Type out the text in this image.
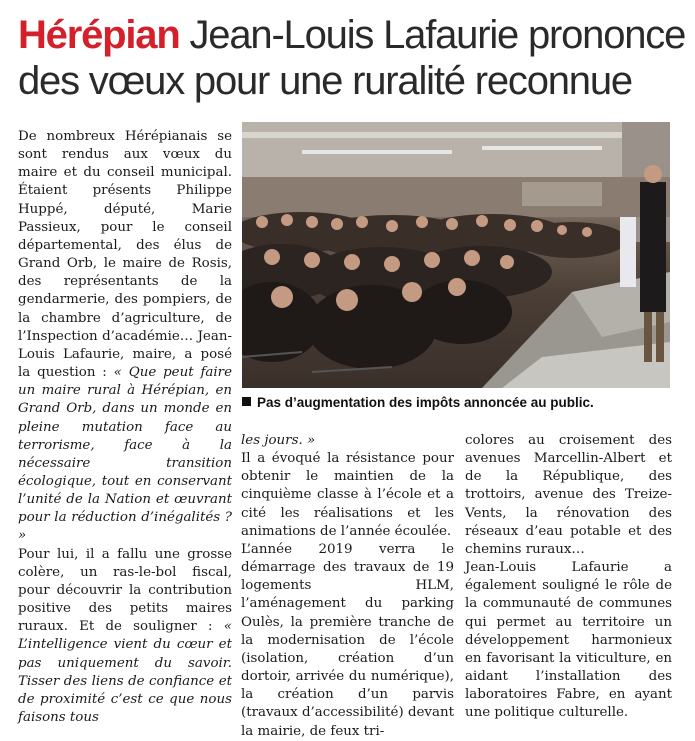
Hérépian Jean-Louis Lafaurie prononce des vœux pour une ruralité reconnue

De nombreux Hérépianais se sont rendus aux vœux du maire et du conseil municipal. Étaient présents Philippe Huppé, député, Marie Passieux, pour le conseil départemental, des élus de Grand Orb, le maire de Rosis, des représentants de la gendarmerie, des pompiers, de la chambre d’agriculture, de l’Inspection d’académie… Jean-Louis Lafaurie, maire, a posé la question : « Que peut faire un maire rural à Hérépian, en Grand Orb, dans un monde en pleine mutation face au terrorisme, face à la nécessaire transition écologique, tout en conservant l’unité de la Nation et œuvrant pour la réduction d’inégalités ? »

Pour lui, il a fallu une grosse colère, un ras-le-bol fiscal, pour découvrir la contribution positive des petits maires ruraux. Et de souligner : « L’intelligence vient du cœur et pas uniquement du savoir. Tisser des liens de confiance et de proximité c’est ce que nous faisons tous

Pas d’augmentation des impôts annoncée au public.

les jours. »

Il a évoqué la résistance pour obtenir le maintien de la cinquième classe à l’école et a cité les réalisations et les animations de l’année écoulée.

L’année 2019 verra le démarrage des travaux de 19 logements HLM, l’aménagement du parking Oulès, la première tranche de la modernisation de l’école (isolation, création d’un dortoir, arrivée du numérique), la création d’un parvis (travaux d’accessibilité) devant la mairie, de feux tri-

colores au croisement des avenues Marcellin-Albert et de la République, des trottoirs, avenue des Treize-Vents, la rénovation des réseaux d’eau potable et des chemins ruraux…

Jean-Louis Lafaurie a également souligné le rôle de la communauté de communes qui permet au territoire un développement harmonieux en favorisant la viticulture, en aidant l’installation des laboratoires Fabre, en ayant une politique culturelle.
